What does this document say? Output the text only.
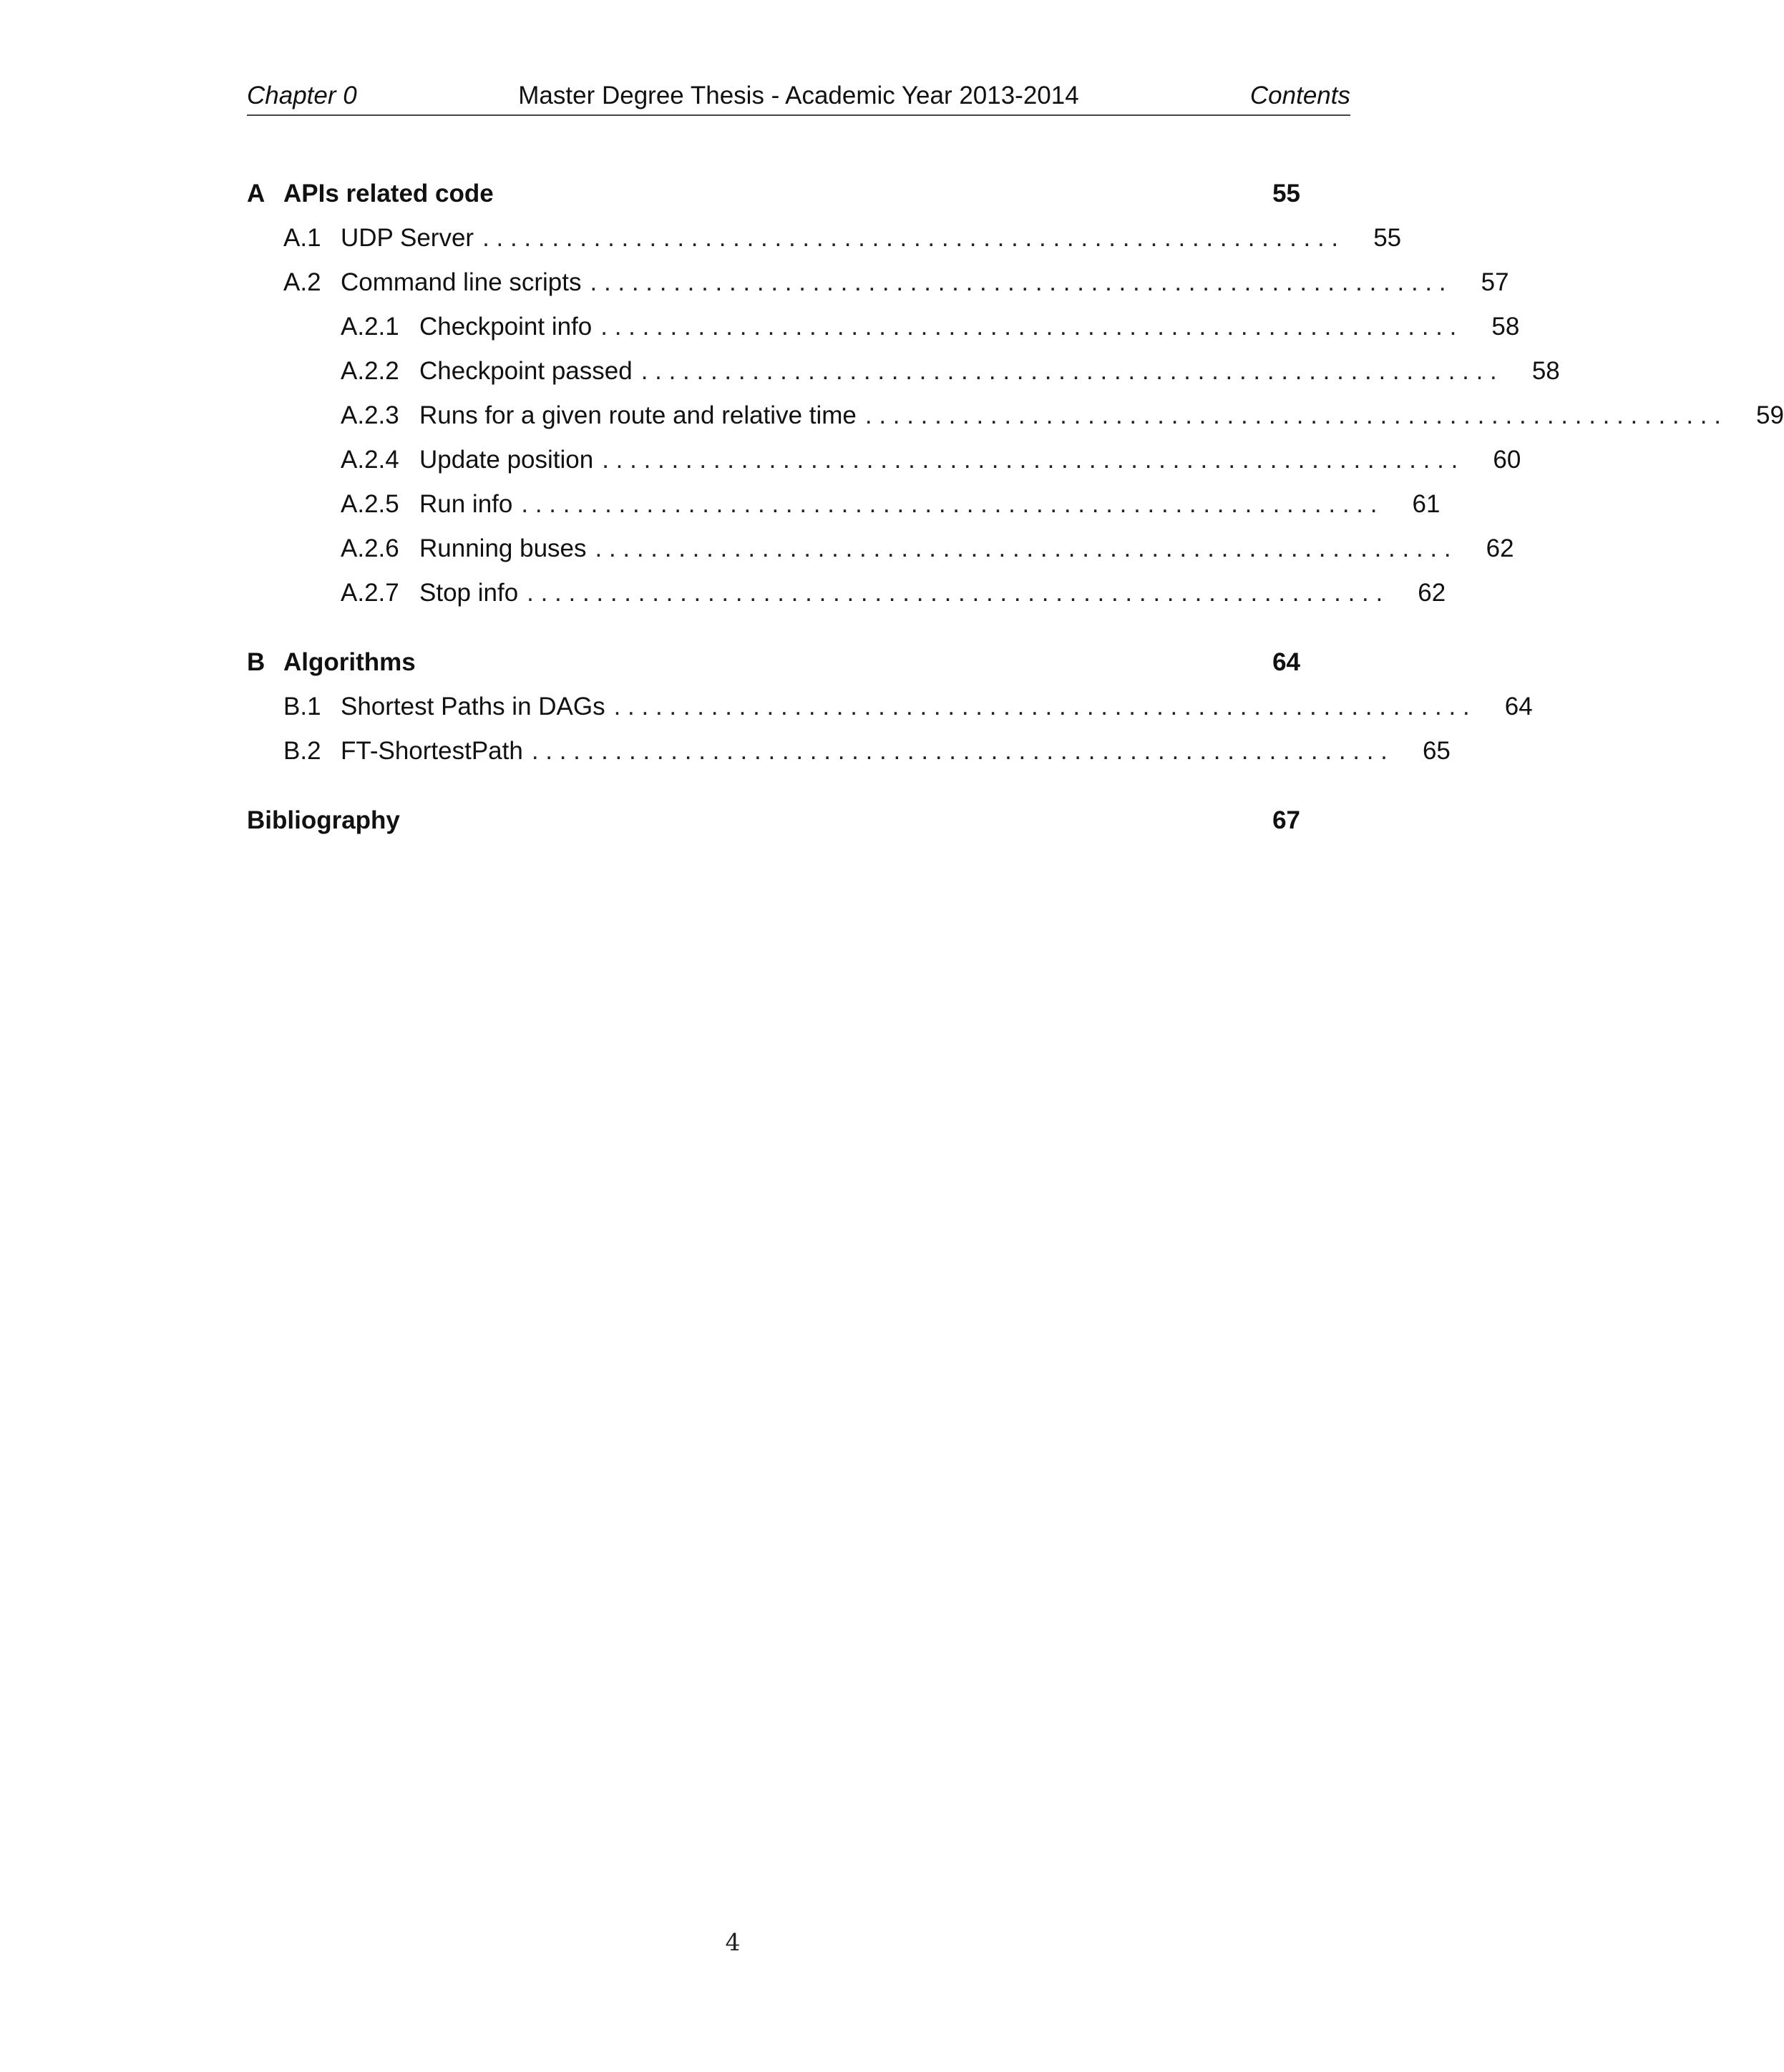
Chapter 0	Master Degree Thesis - Academic Year 2013-2014	Contents
A APIs related code	55
A.1 UDP Server . . . . . . . . . . . . . . . . . . . . . . . . . . . . . . . . . . . . . . . . . . . . . . . . . . . . . . . . . . . . . .	55
A.2 Command line scripts . . . . . . . . . . . . . . . . . . . . . . . . . . . . . . . . . . . . . . . . . . . . . . . . . . . . . . . . . . . . . .	57
A.2.1 Checkpoint info . . . . . . . . . . . . . . . . . . . . . . . . . . . . . . . . . . . . . . . . . . . . . . . . . . . . . . . . . . . . . .	58
A.2.2 Checkpoint passed . . . . . . . . . . . . . . . . . . . . . . . . . . . . . . . . . . . . . . . . . . . . . . . . . . . . . . . . . . . . . .	58
A.2.3 Runs for a given route and relative time . . . . . . . . . . . . . . . . . . . . . . . . . . . . . . . . . . . . . . . . . . . . . . . . . . . . . . . . . . . . . .	59
A.2.4 Update position . . . . . . . . . . . . . . . . . . . . . . . . . . . . . . . . . . . . . . . . . . . . . . . . . . . . . . . . . . . . . .	60
A.2.5 Run info . . . . . . . . . . . . . . . . . . . . . . . . . . . . . . . . . . . . . . . . . . . . . . . . . . . . . . . . . . . . . .	61
A.2.6 Running buses . . . . . . . . . . . . . . . . . . . . . . . . . . . . . . . . . . . . . . . . . . . . . . . . . . . . . . . . . . . . . .	62
A.2.7 Stop info . . . . . . . . . . . . . . . . . . . . . . . . . . . . . . . . . . . . . . . . . . . . . . . . . . . . . . . . . . . . . .	62
B Algorithms	64
B.1 Shortest Paths in DAGs . . . . . . . . . . . . . . . . . . . . . . . . . . . . . . . . . . . . . . . . . . . . . . . . . . . . . . . . . . . . . .	64
B.2 FT-ShortestPath . . . . . . . . . . . . . . . . . . . . . . . . . . . . . . . . . . . . . . . . . . . . . . . . . . . . . . . . . . . . . .	65
Bibliography	67
4
